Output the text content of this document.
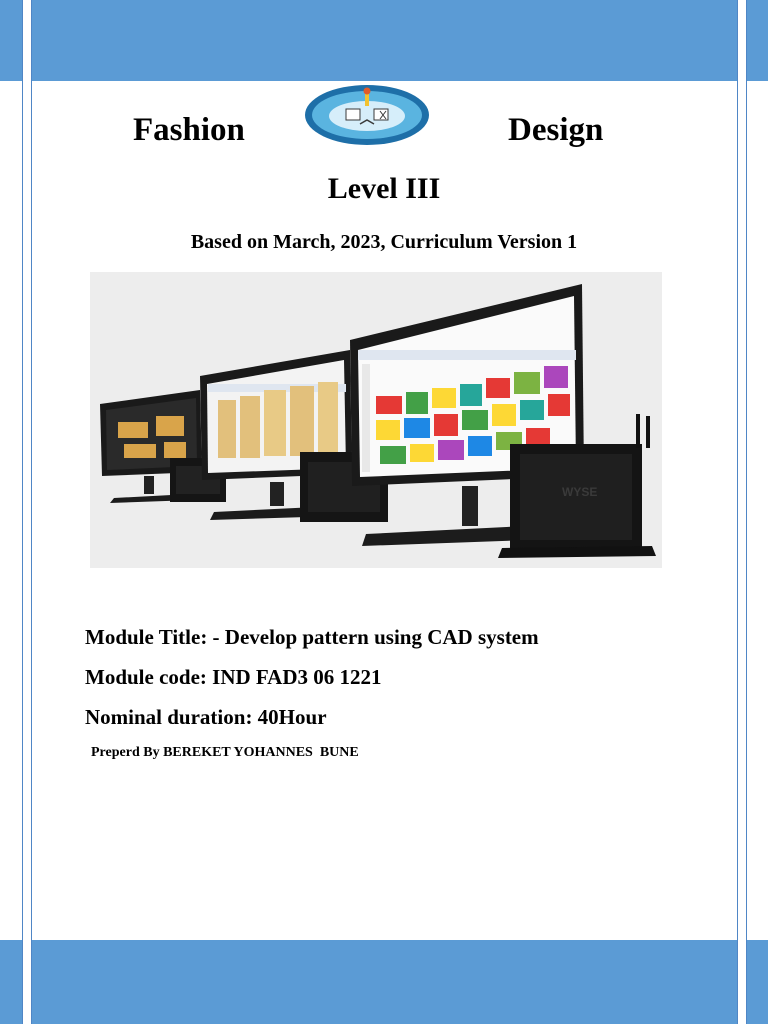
Fashion	Design
Level III
Based on March, 2023, Curriculum Version 1
WYSE
Module Title: - Develop pattern using CAD system
Module code: IND FAD3 06 1221
Nominal duration: 40Hour
Preperd By BEREKET YOHANNES  BUNE
